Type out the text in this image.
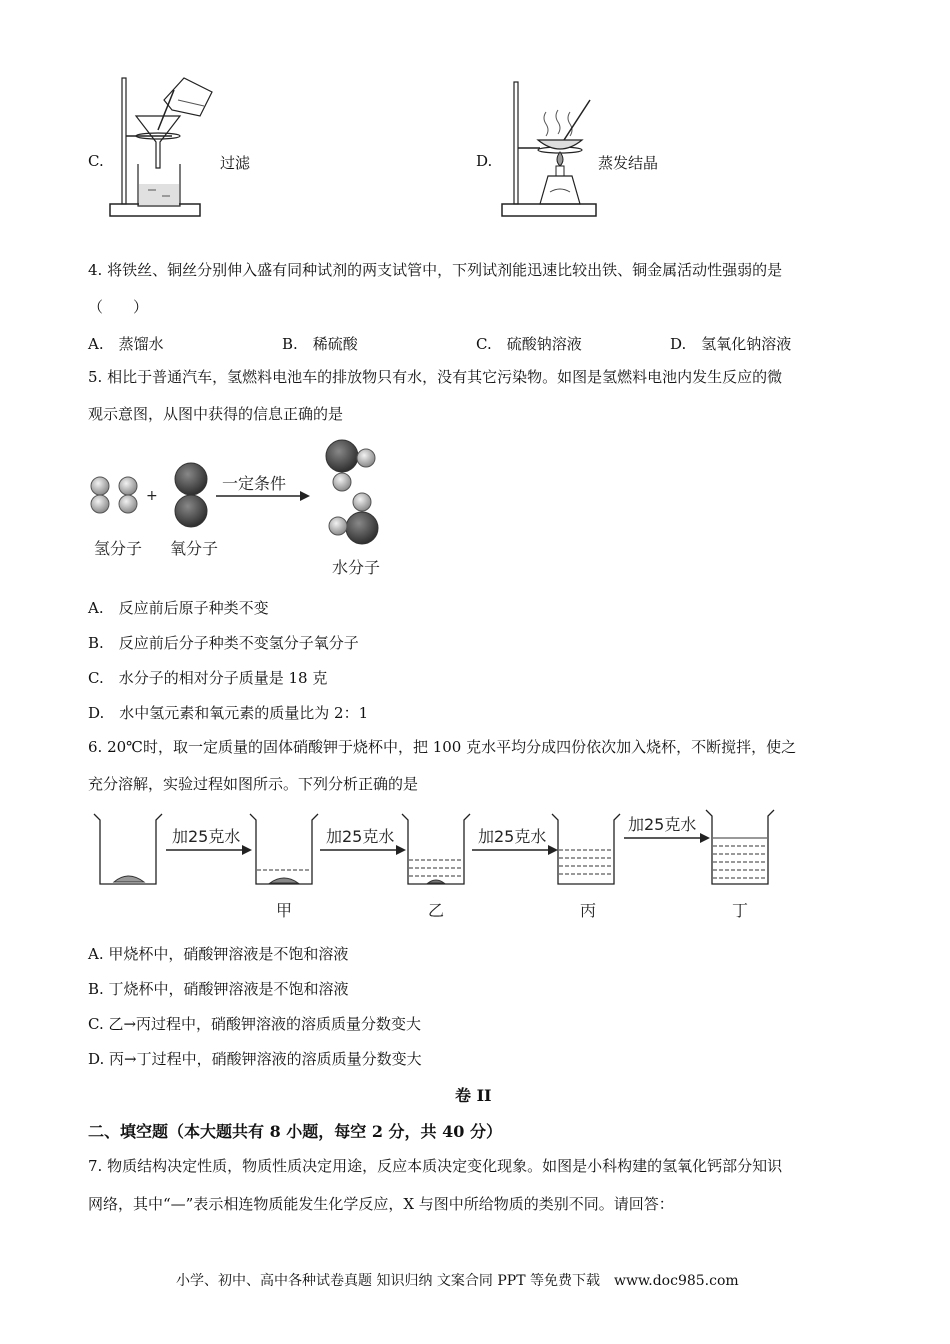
C.	过滤	D.	蒸发结晶
4. 将铁丝、铜丝分别伸入盛有同种试剂的两支试管中，下列试剂能迅速比较出铁、铜金属活动性强弱的是
（　　）
A.　蒸馏水	B.　稀硫酸	C.　硫酸钠溶液	D.　氢氧化钠溶液
5. 相比于普通汽车，氢燃料电池车的排放物只有水，没有其它污染物。如图是氢燃料电池内发生反应的微
观示意图，从图中获得的信息正确的是
+
一定条件
氢分子 氧分子
水分子
A.　反应前后原子种类不变
B.　反应前后分子种类不变氢分子氧分子
C.　水分子的相对分子质量是 18 克
D.　水中氢元素和氧元素的质量比为 2：1
6. 20℃时，取一定质量的固体硝酸钾于烧杯中，把 100 克水平均分成四份依次加入烧杯，不断搅拌，使之
充分溶解，实验过程如图所示。下列分析正确的是
加25克水	加25克水	加25克水
加25克水
甲	乙	丙	丁
A. 甲烧杯中，硝酸钾溶液是不饱和溶液
B. 丁烧杯中，硝酸钾溶液是不饱和溶液
C. 乙→丙过程中，硝酸钾溶液的溶质质量分数变大
D. 丙→丁过程中，硝酸钾溶液的溶质质量分数变大
卷 II
二、填空题（本大题共有 8 小题，每空 2 分，共 40 分）
7. 物质结构决定性质，物质性质决定用途，反应本质决定变化现象。如图是小科构建的氢氧化钙部分知识
网络，其中“—”表示相连物质能发生化学反应，X 与图中所给物质的类别不同。请回答：
小学、初中、高中各种试卷真题 知识归纳 文案合同 PPT 等免费下载　www.doc985.com
